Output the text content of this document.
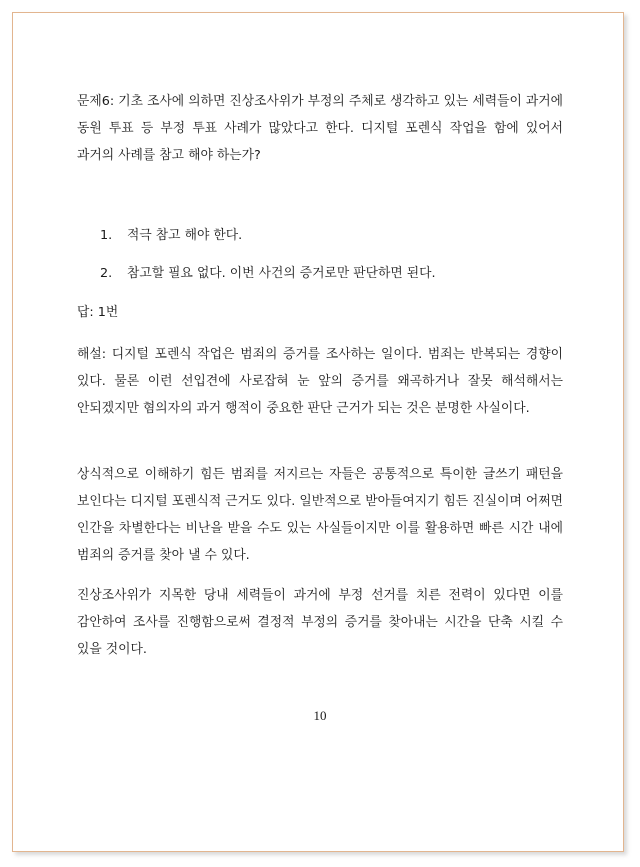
문제6: 기초 조사에 의하면 진상조사위가 부정의 주체로 생각하고 있는 세력들이 과거에 동원 투표 등 부정 투표 사례가 많았다고 한다. 디지털 포렌식 작업을 함에 있어서 과거의 사례를 참고 해야 하는가?

1. 적극 참고 해야 한다.
2. 참고할 필요 없다. 이번 사건의 증거로만 판단하면 된다.
답: 1번

해설: 디지털 포렌식 작업은 범죄의 증거를 조사하는 일이다. 범죄는 반복되는 경향이 있다. 물론 이런 선입견에 사로잡혀 눈 앞의 증거를 왜곡하거나 잘못 해석해서는 안되겠지만 혐의자의 과거 행적이 중요한 판단 근거가 되는 것은 분명한 사실이다.

상식적으로 이해하기 힘든 범죄를 저지르는 자들은 공통적으로 특이한 글쓰기 패턴을 보인다는 디지털 포렌식적 근거도 있다. 일반적으로 받아들여지기 힘든 진실이며 어쩌면 인간을 차별한다는 비난을 받을 수도 있는 사실들이지만 이를 활용하면 빠른 시간 내에 범죄의 증거를 찾아 낼 수 있다.

진상조사위가 지목한 당내 세력들이 과거에 부정 선거를 치른 전력이 있다면 이를 감안하여 조사를 진행함으로써 결정적 부정의 증거를 찾아내는 시간을 단축 시킬 수 있을 것이다.

10
